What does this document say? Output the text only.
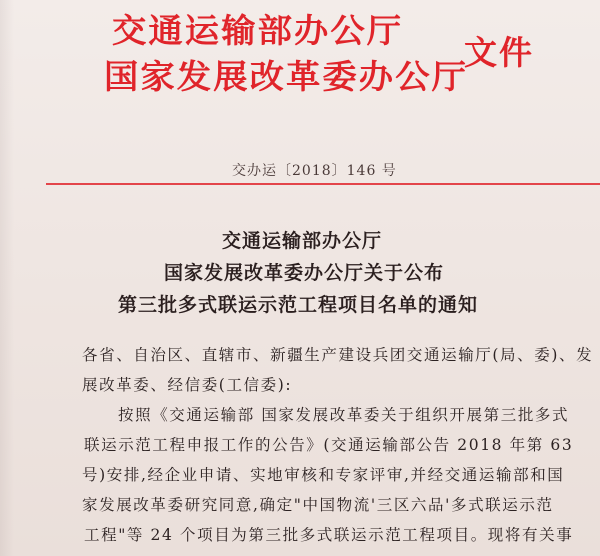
交通运输部办公厅
国家发展改革委办公厅
文件
交办运〔2018〕146 号
交通运输部办公厅
国家发展改革委办公厅关于公布
第三批多式联运示范工程项目名单的通知
各省、自治区、直辖市、新疆生产建设兵团交通运输厅(局、委)、发
展改革委、经信委(工信委):
按照《交通运输部 国家发展改革委关于组织开展第三批多式
联运示范工程申报工作的公告》(交通运输部公告 2018 年第 63
号)安排,经企业申请、实地审核和专家评审,并经交通运输部和国
家发展改革委研究同意,确定"中国物流'三区六品'多式联运示范
工程"等 24 个项目为第三批多式联运示范工程项目。现将有关事
